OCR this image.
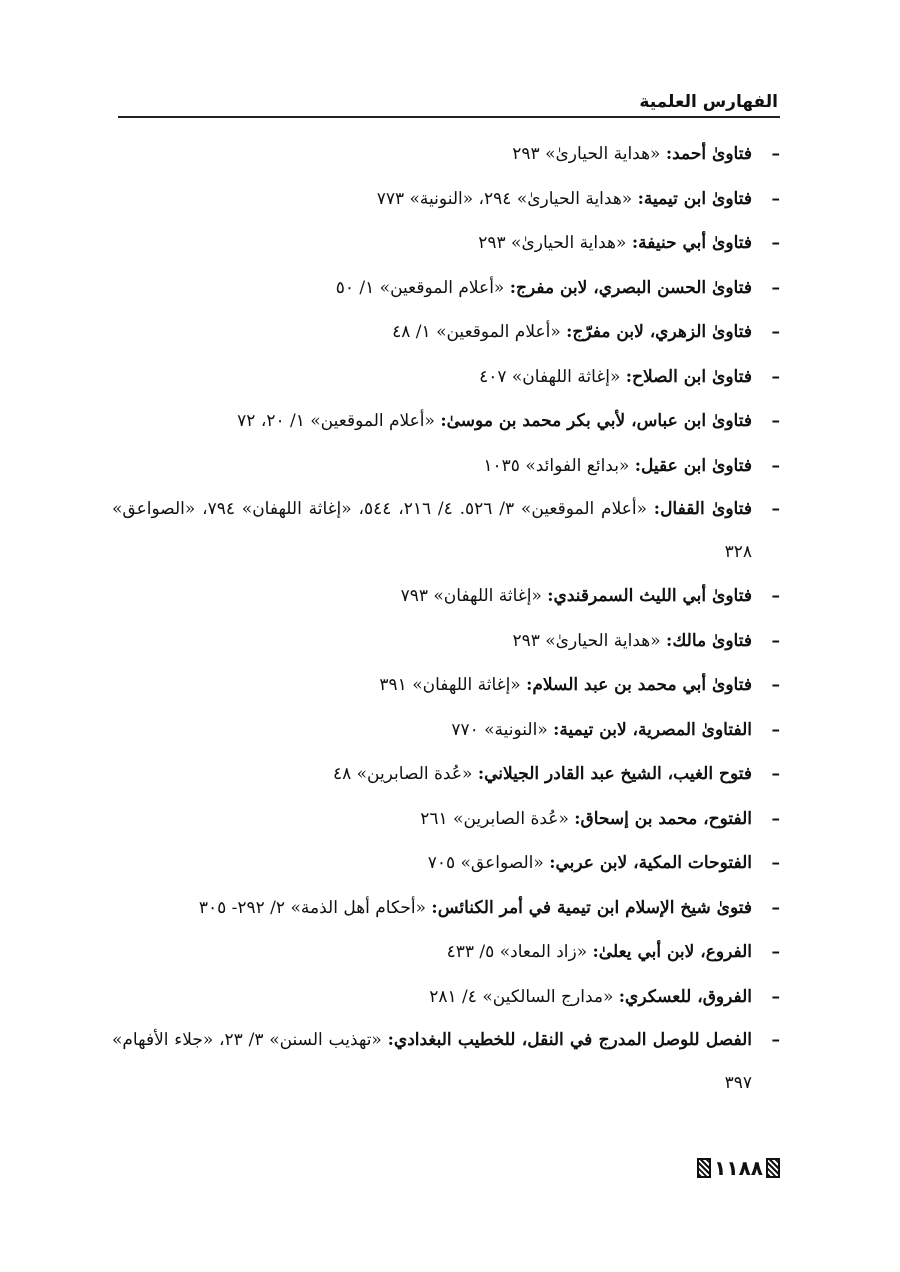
الفهارس العلمية
–
فتاوىٰ أحمد: «هداية الحيارىٰ» ٢٩٣
–
فتاوىٰ ابن تيمية: «هداية الحيارىٰ» ٢٩٤، «النونية» ٧٧٣
–
فتاوىٰ أبي حنيفة: «هداية الحيارىٰ» ٢٩٣
–
فتاوىٰ الحسن البصري، لابن مفرج: «أعلام الموقعين» ١/ ٥٠
–
فتاوىٰ الزهري، لابن مفرّج: «أعلام الموقعين» ١/ ٤٨
–
فتاوىٰ ابن الصلاح: «إغاثة اللهفان» ٤٠٧
–
فتاوىٰ ابن عباس، لأبي بكر محمد بن موسىٰ: «أعلام الموقعين» ١/ ٢٠، ٧٢
–
فتاوىٰ ابن عقيل: «بدائع الفوائد» ١٠٣٥
–
فتاوىٰ القفال: «أعلام الموقعين» ٣/ ٥٢٦. ٤/ ٢١٦، ٥٤٤، «إغاثة اللهفان» ٧٩٤، «الصواعق» ٣٢٨
–
فتاوىٰ أبي الليث السمرقندي: «إغاثة اللهفان» ٧٩٣
–
فتاوىٰ مالك: «هداية الحيارىٰ» ٢٩٣
–
فتاوىٰ أبي محمد بن عبد السلام: «إغاثة اللهفان» ٣٩١
–
الفتاوىٰ المصرية، لابن تيمية: «النونية» ٧٧٠
–
فتوح الغيب، الشيخ عبد القادر الجيلاني: «عُدة الصابرين» ٤٨
–
الفتوح، محمد بن إسحاق: «عُدة الصابرين» ٢٦١
–
الفتوحات المكية، لابن عربي: «الصواعق» ٧٠٥
–
فتوىٰ شيخ الإسلام ابن تيمية في أمر الكنائس: «أحكام أهل الذمة» ٢/ ٢٩٢- ٣٠٥
–
الفروع، لابن أبي يعلىٰ: «زاد المعاد» ٥/ ٤٣٣
–
الفروق، للعسكري: «مدارج السالكين» ٤/ ٢٨١
–
الفصل للوصل المدرج في النقل، للخطيب البغدادي: «تهذيب السنن» ٣/ ٢٣، «جلاء الأفهام» ٣٩٧
١١٨٨
